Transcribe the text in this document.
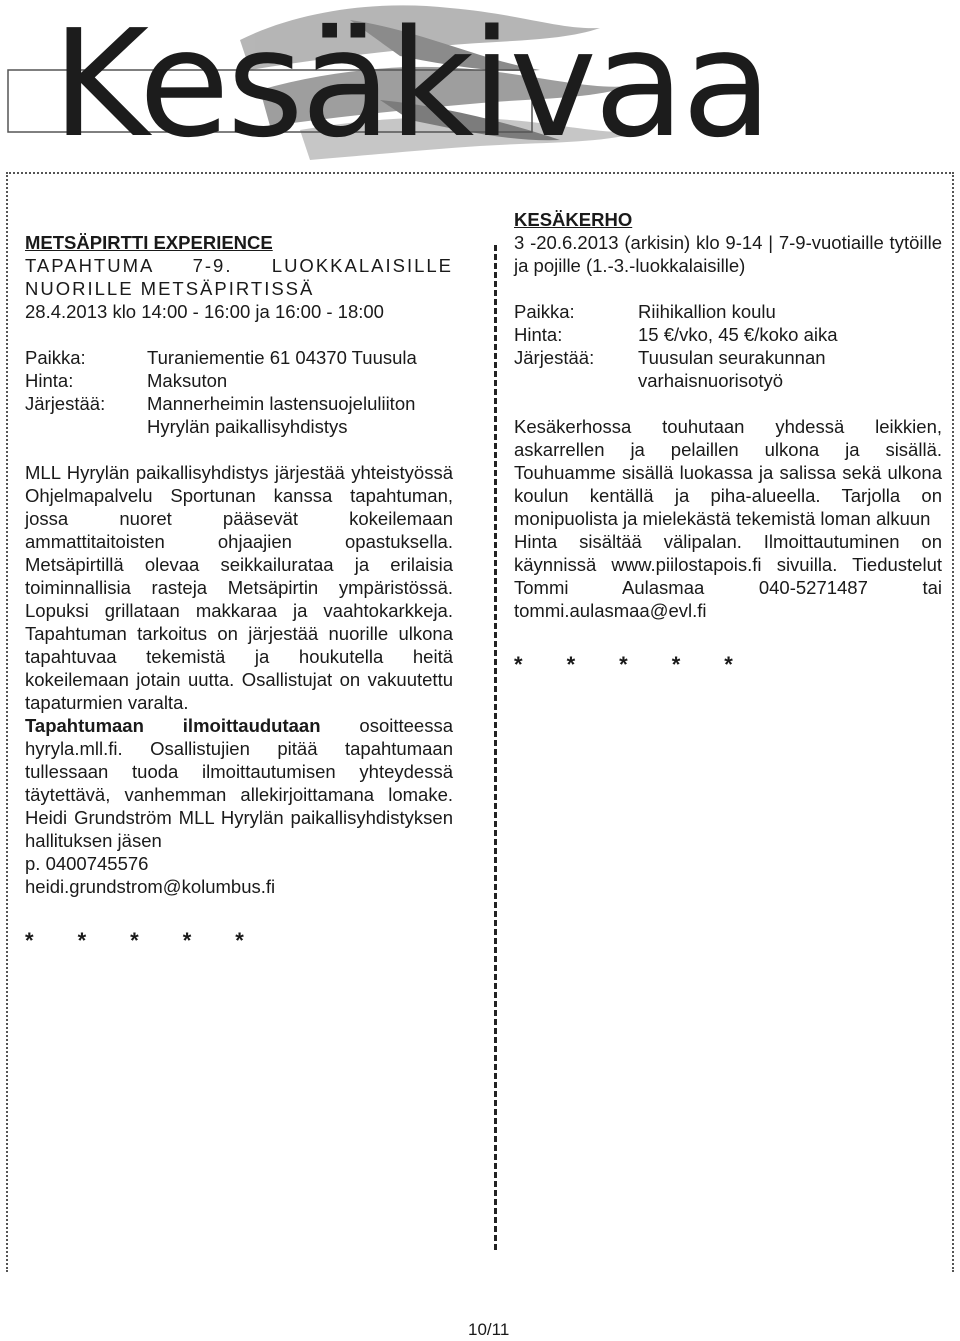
Kesäkivaa

METSÄPIRTTI EXPERIENCE

TAPAHTUMA 7-9. LUOKKALAISILLE NUORILLE METSÄPIRTISSÄ

28.4.2013 klo 14:00 - 16:00 ja 16:00 - 18:00

Paikka:	Turaniementie 61 04370 Tuusula
Hinta:	Maksuton
Järjestää:	Mannerheimin lastensuojeluliiton Hyrylän paikallisyhdistys

MLL Hyrylän paikallisyhdistys järjestää yhteistyössä Ohjelmapalvelu Sportunan kanssa tapahtuman, jossa nuoret pääsevät kokeilemaan ammattitaitoisten ohjaajien opastuksella. Metsäpirtillä olevaa seikkailurataa ja erilaisia toiminnallisia rasteja Metsäpirtin ympäristössä. Lopuksi grillataan makkaraa ja vaahtokarkkeja. Tapahtuman tarkoitus on järjestää nuorille ulkona tapahtuvaa tekemistä ja houkutella heitä kokeilemaan jotain uutta. Osallistujat on vakuutettu tapaturmien varalta.

Tapahtumaan ilmoittaudutaan osoitteessa hyryla.mll.fi. Osallistujien pitää tapahtumaan tullessaan tuoda ilmoittautumisen yhteydessä täytettävä, vanhemman allekirjoittamana lomake. Heidi Grundström MLL Hyrylän paikallisyhdistyksen hallituksen jäsen

p. 0400745576

heidi.grundstrom@kolumbus.fi

* * * * *

KESÄKERHO

3 -20.6.2013 (arkisin) klo 9-14 | 7-9-vuotiaille tytöille ja pojille (1.-3.-luokkalaisille)

Paikka:	Riihikallion koulu
Hinta:	15 €/vko, 45 €/koko aika
Järjestää:	Tuusulan seurakunnan varhaisnuorisotyö

Kesäkerhossa touhutaan yhdessä leikkien, askarrellen ja pelaillen ulkona ja sisällä. Touhuamme sisällä luokassa ja salissa sekä ulkona koulun kentällä ja piha-alueella. Tarjolla on monipuolista ja mielekästä tekemistä loman alkuun

Hinta sisältää välipalan. Ilmoittautuminen on käynnissä www.piilostapois.fi sivuilla. Tiedustelut Tommi Aulasmaa 040-5271487 tai tommi.aulasmaa@evl.fi

* * * * *
10/11
